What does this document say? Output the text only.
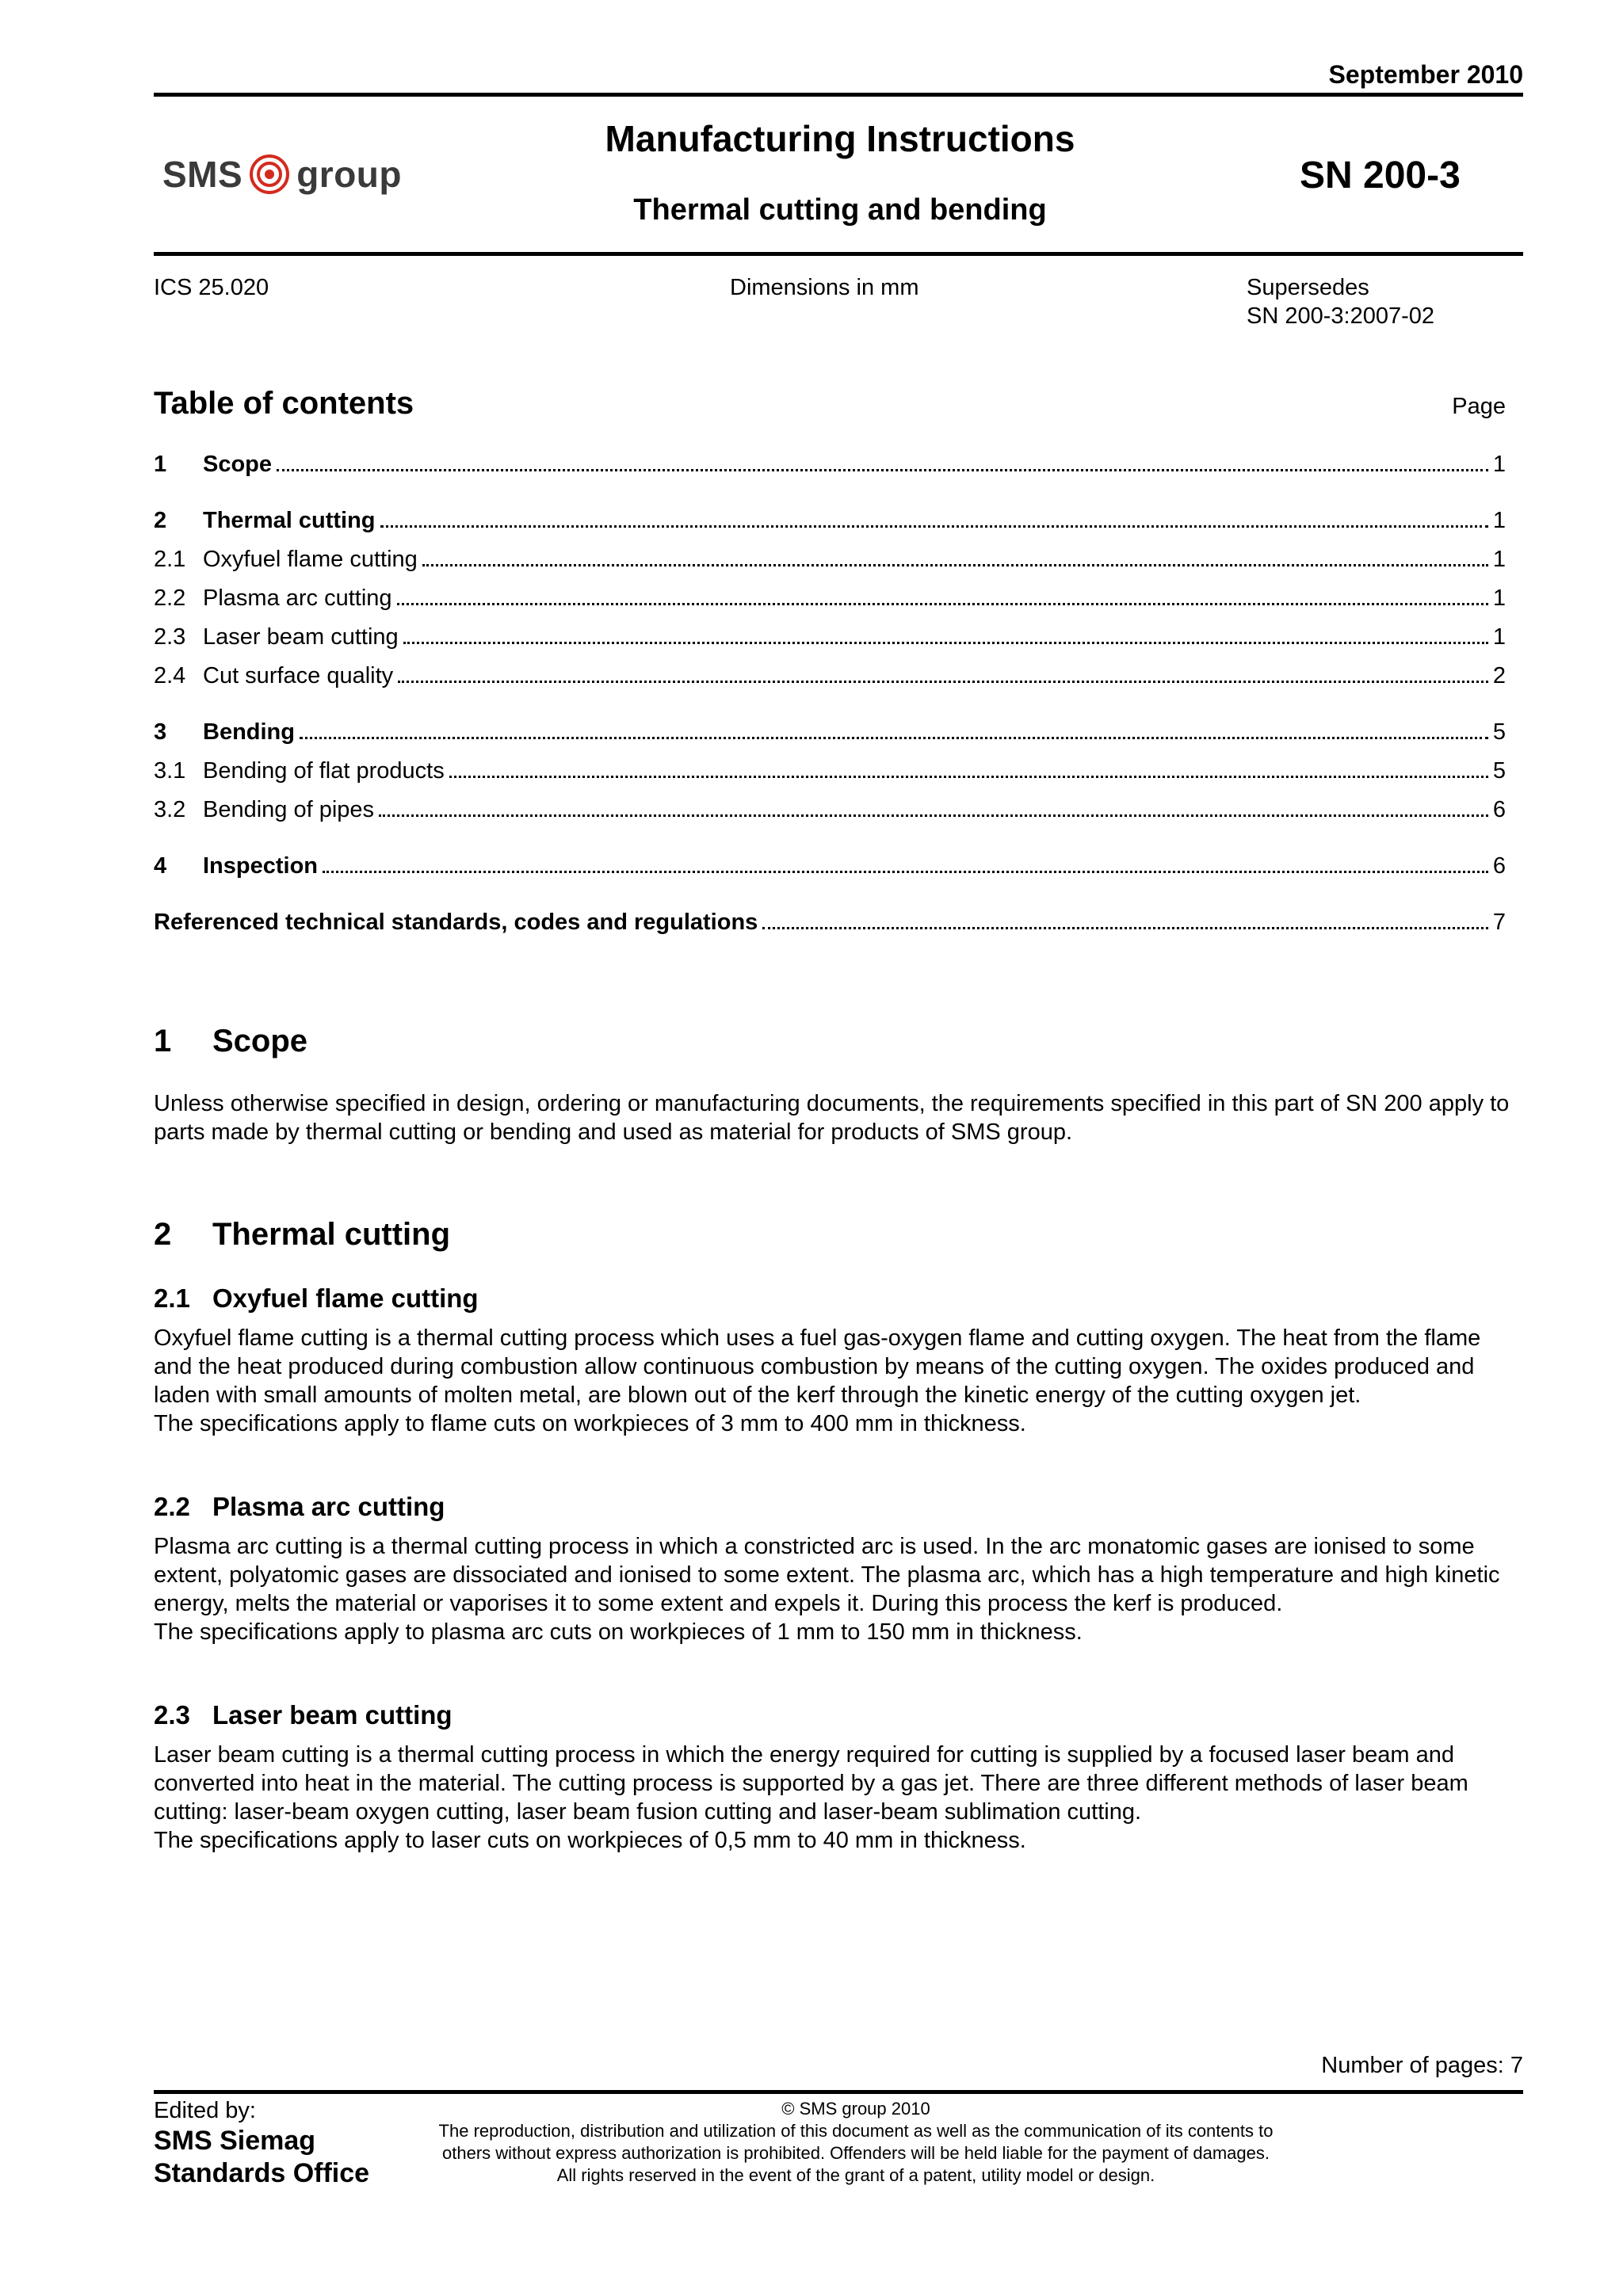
September 2010
SMS group
Manufacturing Instructions
Thermal cutting and bending
SN 200-3
ICS 25.020	Dimensions in mm	Supersedes
SN 200-3:2007-02
Table of contents	Page
1	Scope	1
2	Thermal cutting	1
2.1 Oxyfuel flame cutting	1
2.2 Plasma arc cutting	1
2.3 Laser beam cutting	1
2.4 Cut surface quality	2
3	Bending	5
3.1 Bending of flat products	5
3.2 Bending of pipes	6
4	Inspection	6
Referenced technical standards, codes and regulations	7
1	Scope

Unless otherwise specified in design, ordering or manufacturing documents, the requirements specified in this part of SN 200 apply to parts made by thermal cutting or bending and used as material for products of SMS group.

2	Thermal cutting
2.1 Oxyfuel flame cutting

Oxyfuel flame cutting is a thermal cutting process which uses a fuel gas-oxygen flame and cutting oxygen. The heat from the flame and the heat produced during combustion allow continuous combustion by means of the cutting oxygen. The oxides produced and laden with small amounts of molten metal, are blown out of the kerf through the kinetic energy of the cutting oxygen jet.

The specifications apply to flame cuts on workpieces of 3 mm to 400 mm in thickness.

2.2 Plasma arc cutting

Plasma arc cutting is a thermal cutting process in which a constricted arc is used. In the arc monatomic gases are ionised to some extent, polyatomic gases are dissociated and ionised to some extent. The plasma arc, which has a high temperature and high kinetic energy, melts the material or vaporises it to some extent and expels it. During this process the kerf is produced.

The specifications apply to plasma arc cuts on workpieces of 1 mm to 150 mm in thickness.

2.3 Laser beam cutting

Laser beam cutting is a thermal cutting process in which the energy required for cutting is supplied by a focused laser beam and converted into heat in the material. The cutting process is supported by a gas jet. There are three different methods of laser beam cutting: laser-beam oxygen cutting, laser beam fusion cutting and laser-beam sublimation cutting.

The specifications apply to laser cuts on workpieces of 0,5 mm to 40 mm in thickness.

Number of pages: 7
Edited by:
SMS Siemag
Standards Office
© SMS group 2010
The reproduction, distribution and utilization of this document as well as the communication of its contents to
others without express authorization is prohibited. Offenders will be held liable for the payment of damages.
All rights reserved in the event of the grant of a patent, utility model or design.
